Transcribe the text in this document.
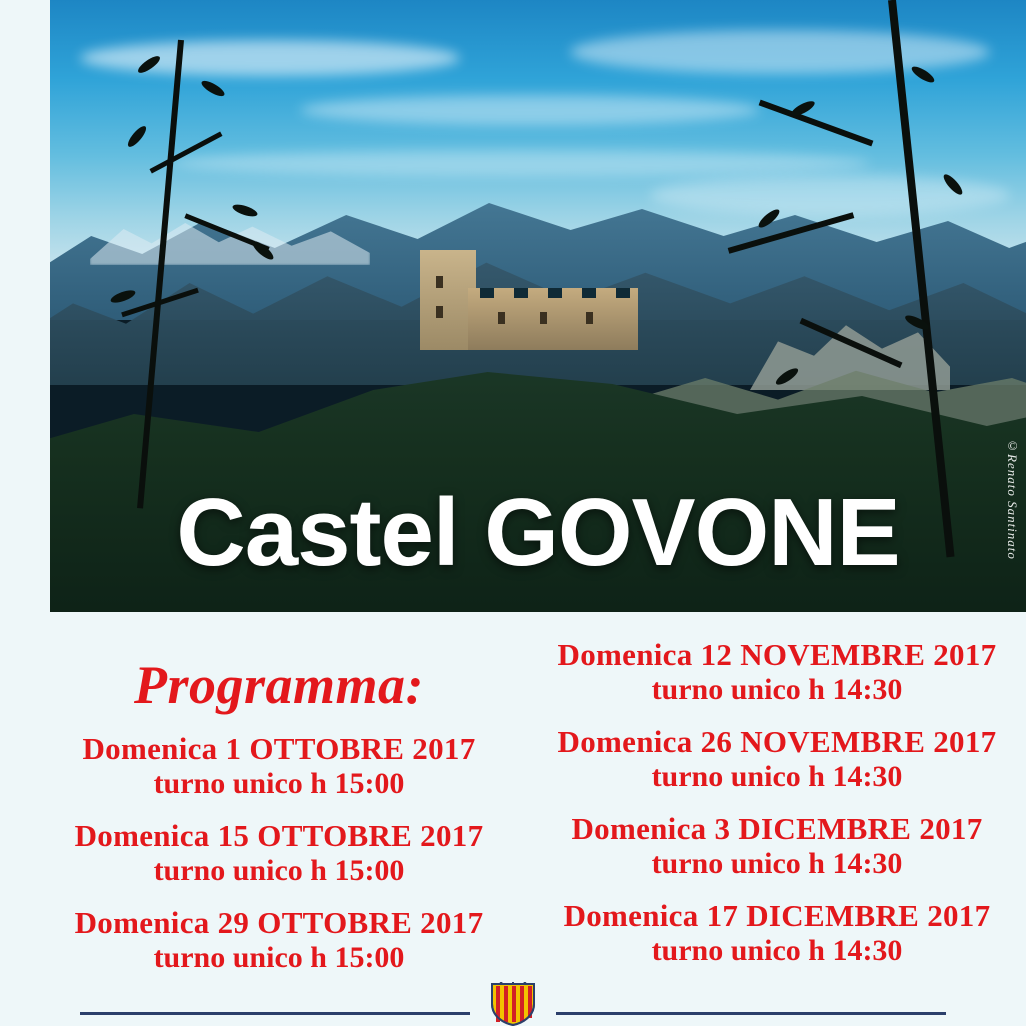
Castel GOVONE	©Renato Santinato
Programma:
Domenica 1 OTTOBRE 2017
turno unico h 15:00
Domenica 15 OTTOBRE 2017
turno unico h 15:00
Domenica 29 OTTOBRE 2017
turno unico h 15:00
Domenica 12 NOVEMBRE 2017
turno unico h 14:30
Domenica 26 NOVEMBRE 2017
turno unico h 14:30
Domenica 3 DICEMBRE 2017
turno unico h 14:30
Domenica 17 DICEMBRE 2017
turno unico h 14:30
